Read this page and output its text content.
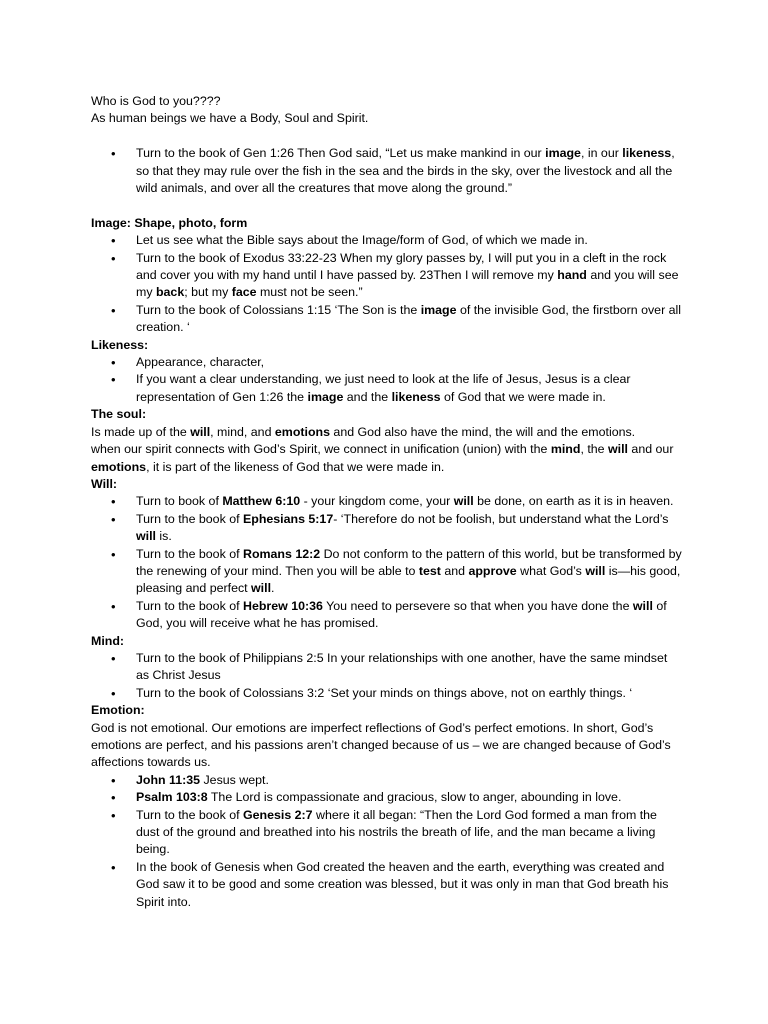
Who is God to you????

As human beings we have a Body, Soul and Spirit.

• Turn to the book of Gen 1:26 Then God said, “Let us make mankind in our image, in our likeness, so that they may rule over the fish in the sea and the birds in the sky, over the livestock and all the wild animals, and over all the creatures that move along the ground.”

Image: Shape, photo, form

• Let us see what the Bible says about the Image/form of God, of which we made in.
• Turn to the book of Exodus 33:22-23 When my glory passes by, I will put you in a cleft in the rock and cover you with my hand until I have passed by. 23Then I will remove my hand and you will see my back; but my face must not be seen.”
• Turn to the book of Colossians 1:15 ‘The Son is the image of the invisible God, the firstborn over all creation. ‘

Likeness:

• Appearance, character,
• If you want a clear understanding, we just need to look at the life of Jesus, Jesus is a clear representation of Gen 1:26 the image and the likeness of God that we were made in.

The soul:

Is made up of the will, mind, and emotions and God also have the mind, the will and the emotions.

when our spirit connects with God’s Spirit, we connect in unification (union) with the mind, the will and our emotions, it is part of the likeness of God that we were made in.

Will:

• Turn to book of Matthew 6:10 - your kingdom come, your will be done, on earth as it is in heaven.
• Turn to the book of Ephesians 5:17- ‘Therefore do not be foolish, but understand what the Lord’s will is.
• Turn to the book of Romans 12:2 Do not conform to the pattern of this world, but be transformed by the renewing of your mind. Then you will be able to test and approve what God’s will is—his good, pleasing and perfect will.
• Turn to the book of Hebrew 10:36 You need to persevere so that when you have done the will of God, you will receive what he has promised.

Mind:

• Turn to the book of Philippians 2:5 In your relationships with one another, have the same mindset as Christ Jesus
• Turn to the book of Colossians 3:2 ‘Set your minds on things above, not on earthly things. ‘

Emotion:

God is not emotional. Our emotions are imperfect reflections of God’s perfect emotions. In short, God’s emotions are perfect, and his passions aren’t changed because of us – we are changed because of God’s affections towards us.

• John 11:35 Jesus wept.
• Psalm 103:8 The Lord is compassionate and gracious, slow to anger, abounding in love.
• Turn to the book of Genesis 2:7 where it all began: “Then the Lord God formed a man from the dust of the ground and breathed into his nostrils the breath of life, and the man became a living being.
• In the book of Genesis when God created the heaven and the earth, everything was created and God saw it to be good and some creation was blessed, but it was only in man that God breath his Spirit into.
